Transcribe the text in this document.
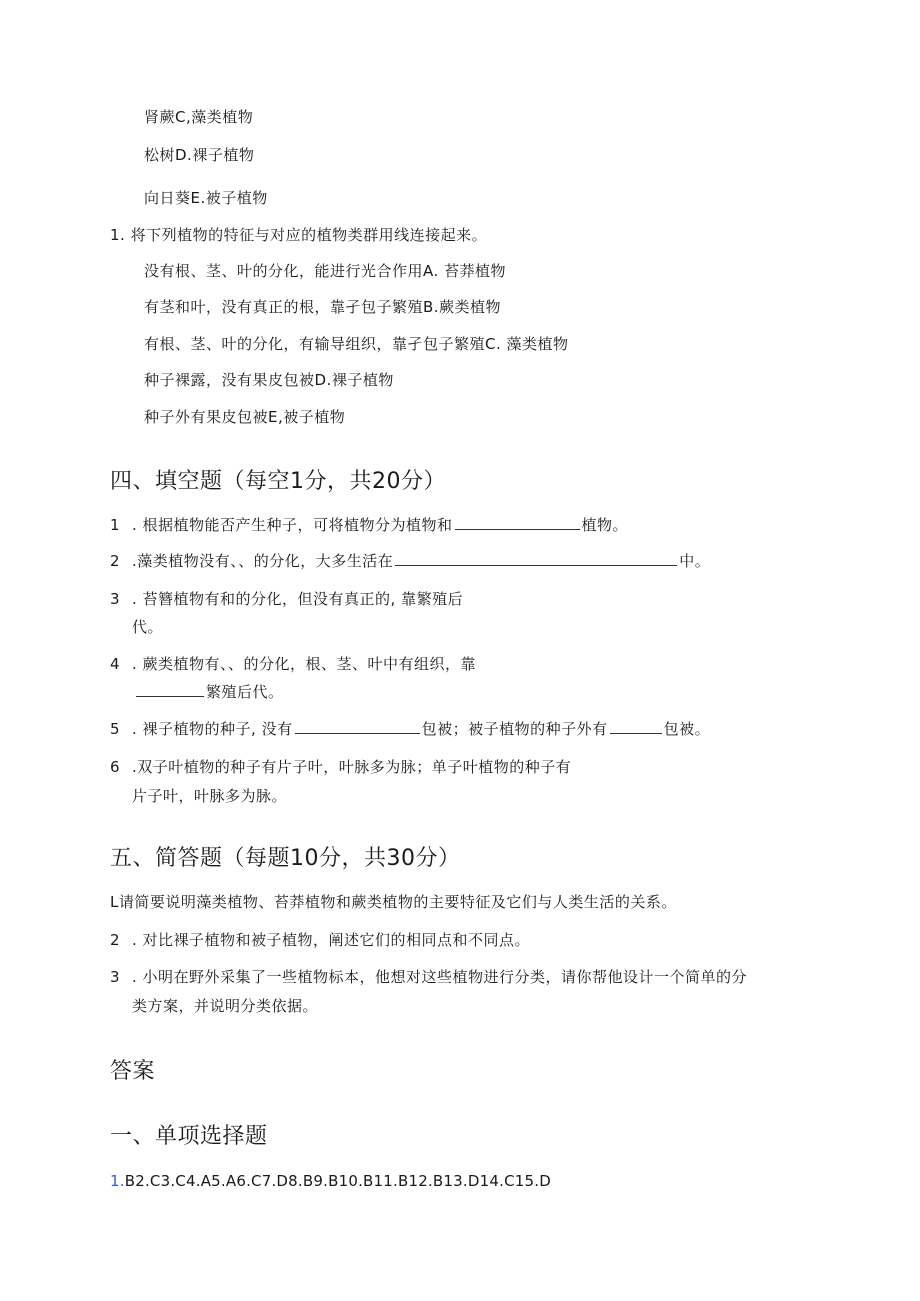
肾蕨C,藻类植物
松树D.裸子植物
向日葵E.被子植物
1. 将下列植物的特征与对应的植物类群用线连接起来。
没有根、茎、叶的分化，能进行光合作用A. 苔莽植物
有茎和叶，没有真正的根，靠孑包子繁殖B.蕨类植物
有根、茎、叶的分化，有输导组织，靠孑包子繁殖C. 藻类植物
种子裸露，没有果皮包被D.裸子植物
种子外有果皮包被E,被子植物
四、填空题（每空1分，共20分）
1 . 根据植物能否产生种子，可将植物分为植物和	植物。
2 .藻类植物没有、、的分化，大多生活在	中。
3 . 苔簪植物有和的分化，但没有真正的, 靠繁殖后
代。
4 . 蕨类植物有、、的分化，根、茎、叶中有组织，靠
繁殖后代。
5 . 裸子植物的种子, 没有	包被；被子植物的种子外有	包被。
6 .双子叶植物的种子有片子叶，叶脉多为脉；单子叶植物的种子有
片子叶，叶脉多为脉。
五、简答题（每题10分，共30分）
L请简要说明藻类植物、苔莽植物和蕨类植物的主要特征及它们与人类生活的关系。
2 . 对比裸子植物和被子植物，阐述它们的相同点和不同点。
3 . 小明在野外采集了一些植物标本，他想对这些植物进行分类，请你帮他设计一个简单的分
类方案，并说明分类依据。
答案
一、单项选择题
1.B2.C3.C4.A5.A6.C7.D8.B9.B10.B11.B12.B13.D14.C15.D
